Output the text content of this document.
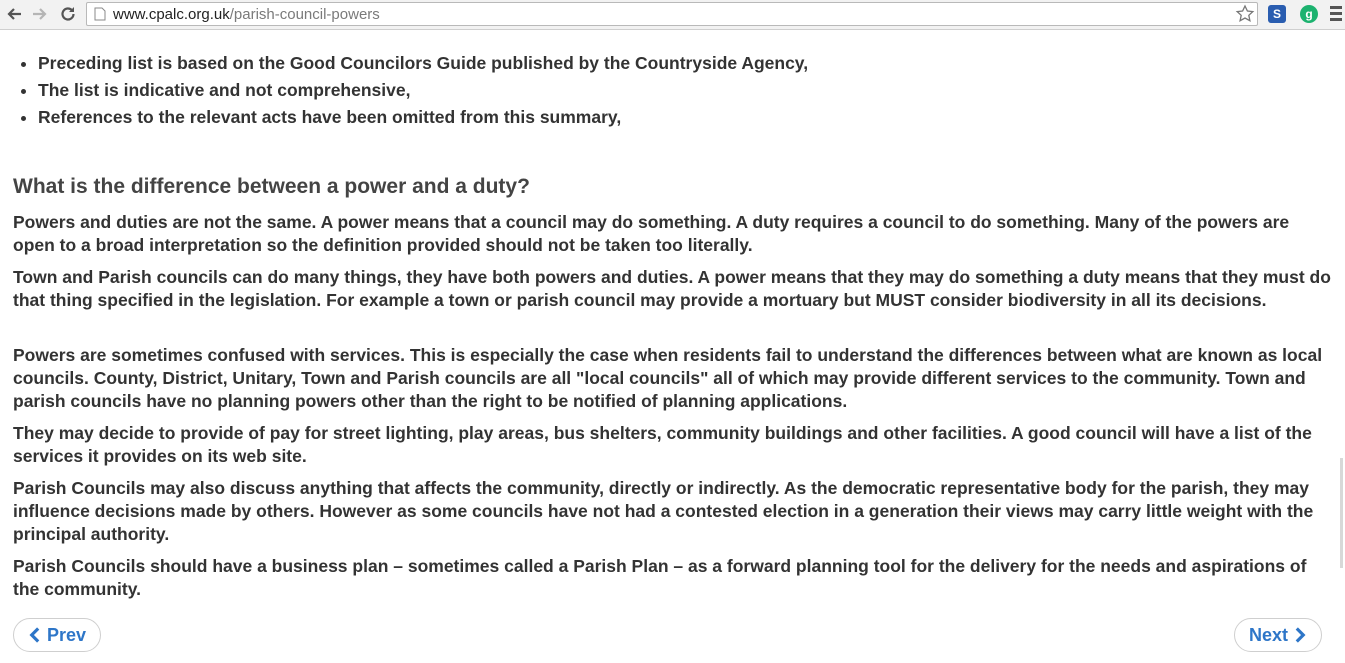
www.cpalc.org.uk/parish-council-powers	S g
• Preceding list is based on the Good Councilors Guide published by the Countryside Agency,
• The list is indicative and not comprehensive,
• References to the relevant acts have been omitted from this summary,
What is the difference between a power and a duty?

Powers and duties are not the same. A power means that a council may do something. A duty requires a council to do something. Many of the powers are open to a broad interpretation so the definition provided should not be taken too literally.

Town and Parish councils can do many things, they have both powers and duties. A power means that they may do something a duty means that they must do that thing specified in the legislation. For example a town or parish council may provide a mortuary but MUST consider biodiversity in all its decisions.

Powers are sometimes confused with services. This is especially the case when residents fail to understand the differences between what are known as local councils. County, District, Unitary, Town and Parish councils are all "local councils" all of which may provide different services to the community. Town and parish councils have no planning powers other than the right to be notified of planning applications.

They may decide to provide of pay for street lighting, play areas, bus shelters, community buildings and other facilities. A good council will have a list of the services it provides on its web site.

Parish Councils may also discuss anything that affects the community, directly or indirectly. As the democratic representative body for the parish, they may influence decisions made by others. However as some councils have not had a contested election in a generation their views may carry little weight with the principal authority.

Parish Councils should have a business plan – sometimes called a Parish Plan – as a forward planning tool for the delivery for the needs and aspirations of the community.

Prev	Next
